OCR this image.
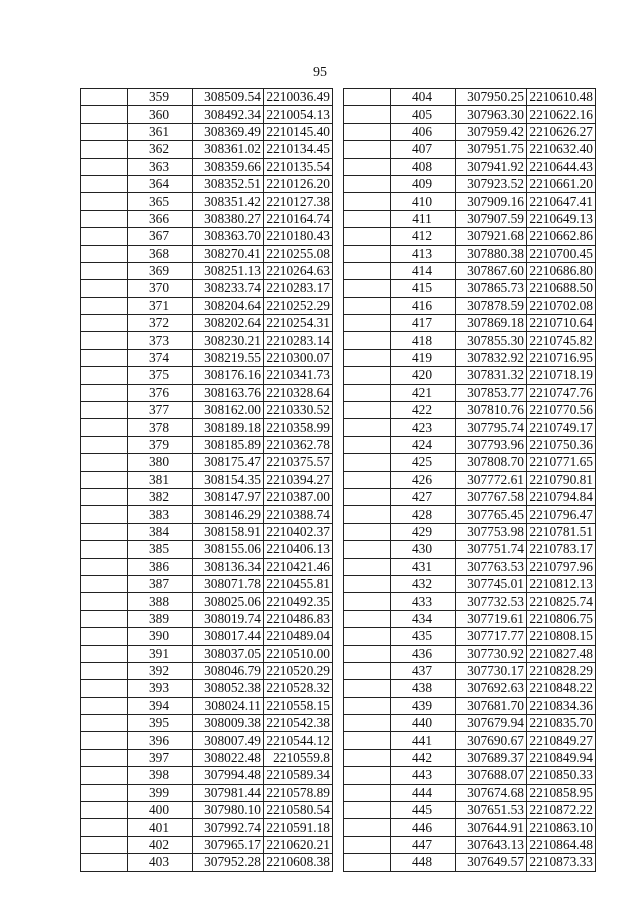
95
	359	308509.54	2210036.49
	360	308492.34	2210054.13
	361	308369.49	2210145.40
	362	308361.02	2210134.45
	363	308359.66	2210135.54
	364	308352.51	2210126.20
	365	308351.42	2210127.38
	366	308380.27	2210164.74
	367	308363.70	2210180.43
	368	308270.41	2210255.08
	369	308251.13	2210264.63
	370	308233.74	2210283.17
	371	308204.64	2210252.29
	372	308202.64	2210254.31
	373	308230.21	2210283.14
	374	308219.55	2210300.07
	375	308176.16	2210341.73
	376	308163.76	2210328.64
	377	308162.00	2210330.52
	378	308189.18	2210358.99
	379	308185.89	2210362.78
	380	308175.47	2210375.57
	381	308154.35	2210394.27
	382	308147.97	2210387.00
	383	308146.29	2210388.74
	384	308158.91	2210402.37
	385	308155.06	2210406.13
	386	308136.34	2210421.46
	387	308071.78	2210455.81
	388	308025.06	2210492.35
	389	308019.74	2210486.83
	390	308017.44	2210489.04
	391	308037.05	2210510.00
	392	308046.79	2210520.29
	393	308052.38	2210528.32
	394	308024.11	2210558.15
	395	308009.38	2210542.38
	396	308007.49	2210544.12
	397	308022.48	2210559.8
	398	307994.48	2210589.34
	399	307981.44	2210578.89
	400	307980.10	2210580.54
	401	307992.74	2210591.18
	402	307965.17	2210620.21
	403	307952.28	2210608.38
	404	307950.25	2210610.48
	405	307963.30	2210622.16
	406	307959.42	2210626.27
	407	307951.75	2210632.40
	408	307941.92	2210644.43
	409	307923.52	2210661.20
	410	307909.16	2210647.41
	411	307907.59	2210649.13
	412	307921.68	2210662.86
	413	307880.38	2210700.45
	414	307867.60	2210686.80
	415	307865.73	2210688.50
	416	307878.59	2210702.08
	417	307869.18	2210710.64
	418	307855.30	2210745.82
	419	307832.92	2210716.95
	420	307831.32	2210718.19
	421	307853.77	2210747.76
	422	307810.76	2210770.56
	423	307795.74	2210749.17
	424	307793.96	2210750.36
	425	307808.70	2210771.65
	426	307772.61	2210790.81
	427	307767.58	2210794.84
	428	307765.45	2210796.47
	429	307753.98	2210781.51
	430	307751.74	2210783.17
	431	307763.53	2210797.96
	432	307745.01	2210812.13
	433	307732.53	2210825.74
	434	307719.61	2210806.75
	435	307717.77	2210808.15
	436	307730.92	2210827.48
	437	307730.17	2210828.29
	438	307692.63	2210848.22
	439	307681.70	2210834.36
	440	307679.94	2210835.70
	441	307690.67	2210849.27
	442	307689.37	2210849.94
	443	307688.07	2210850.33
	444	307674.68	2210858.95
	445	307651.53	2210872.22
	446	307644.91	2210863.10
	447	307643.13	2210864.48
	448	307649.57	2210873.33
